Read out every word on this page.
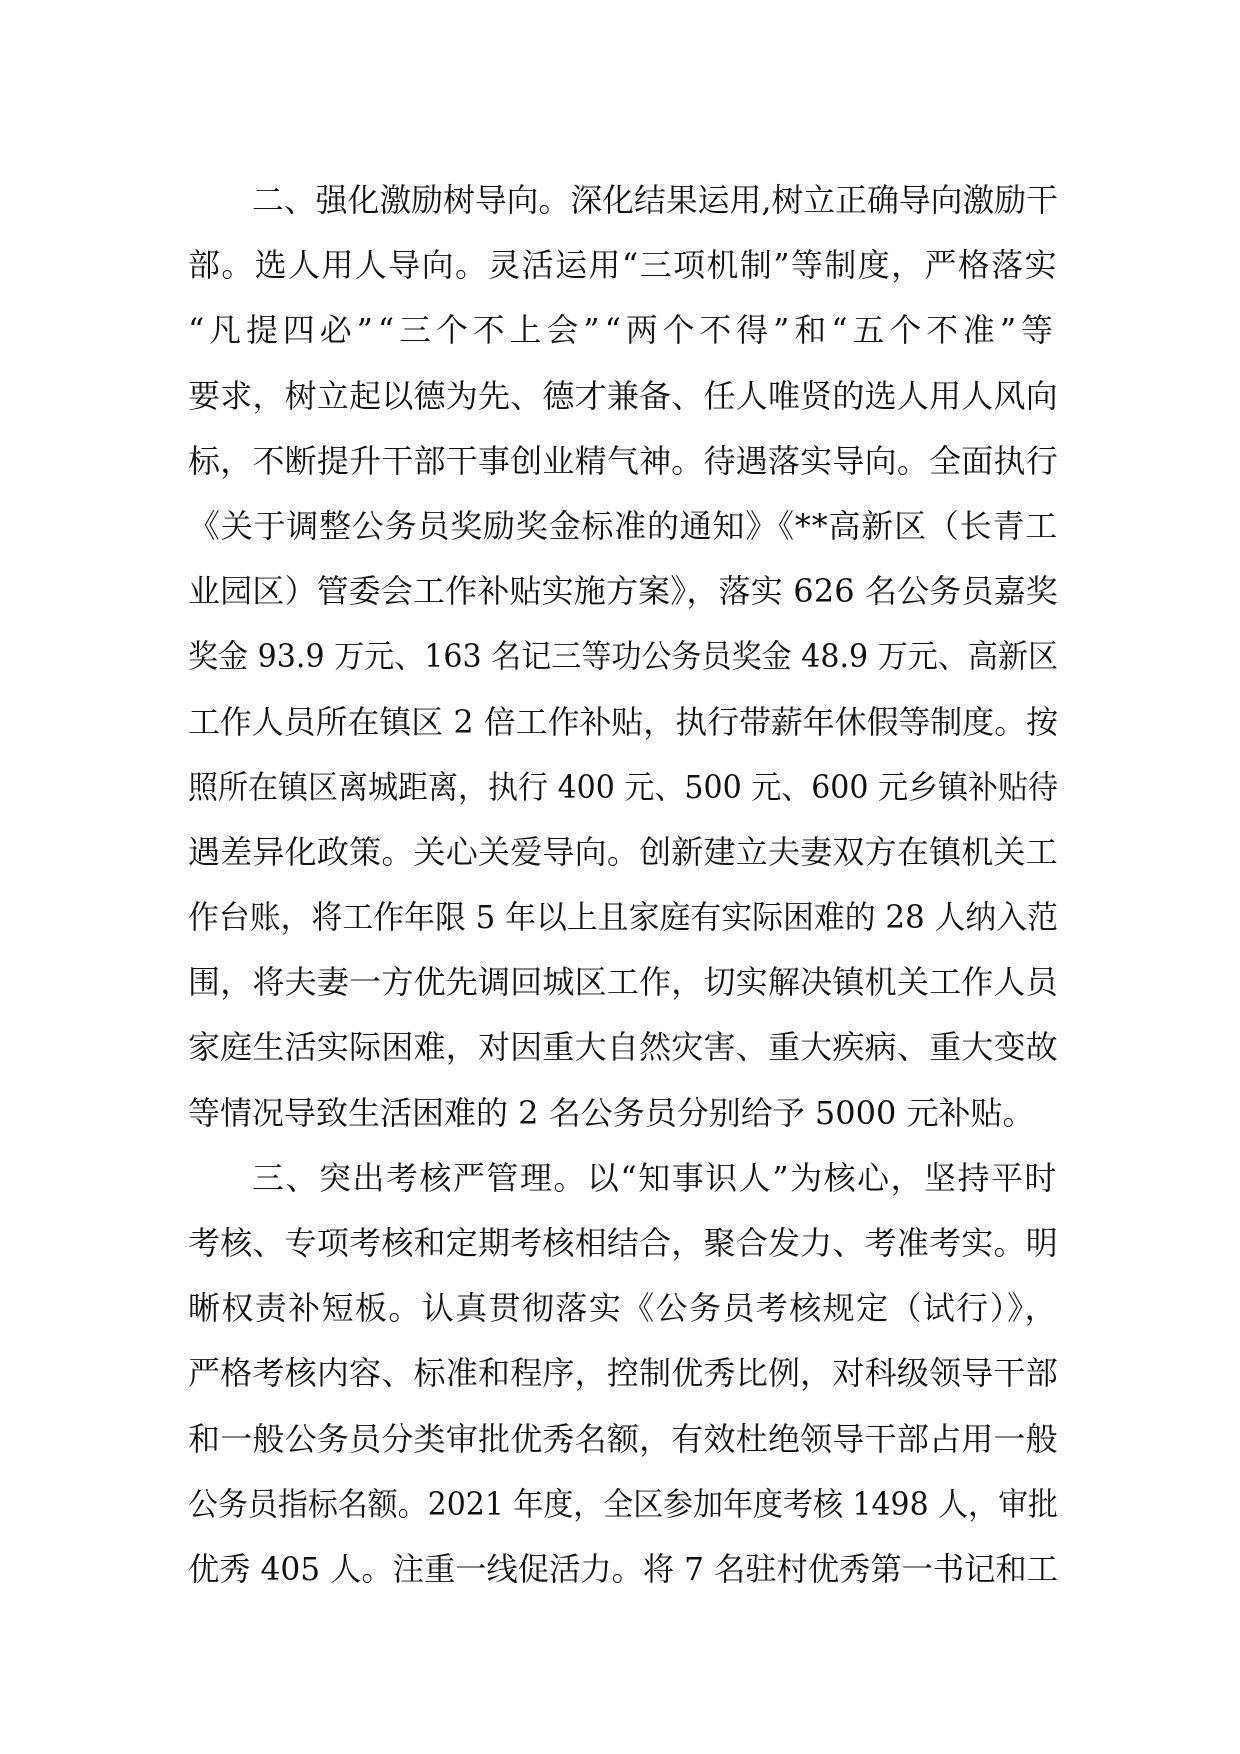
二、强化激励树导向。深化结果运用,树立正确导向激励干
部。选人用人导向。灵活运用“三项机制”等制度，严格落实
“凡提四必”“三个不上会”“两个不得”和“五个不准”等
要求，树立起以德为先、德才兼备、任人唯贤的选人用人风向
标，不断提升干部干事创业精气神。待遇落实导向。全面执行
《关于调整公务员奖励奖金标准的通知》《**高新区（长青工
业园区）管委会工作补贴实施方案》，落实 626 名公务员嘉奖
奖金 93.9 万元、163 名记三等功公务员奖金 48.9 万元、高新区
工作人员所在镇区 2 倍工作补贴，执行带薪年休假等制度。按
照所在镇区离城距离，执行 400 元、500 元、600 元乡镇补贴待
遇差异化政策。关心关爱导向。创新建立夫妻双方在镇机关工
作台账，将工作年限 5 年以上且家庭有实际困难的 28 人纳入范
围，将夫妻一方优先调回城区工作，切实解决镇机关工作人员
家庭生活实际困难，对因重大自然灾害、重大疾病、重大变故
等情况导致生活困难的 2 名公务员分别给予 5000 元补贴。
三、突出考核严管理。以“知事识人”为核心，坚持平时
考核、专项考核和定期考核相结合，聚合发力、考准考实。明
晰权责补短板。认真贯彻落实《公务员考核规定（试行）》，
严格考核内容、标准和程序，控制优秀比例，对科级领导干部
和一般公务员分类审批优秀名额，有效杜绝领导干部占用一般
公务员指标名额。2021 年度，全区参加年度考核 1498 人，审批
优秀 405 人。注重一线促活力。将 7 名驻村优秀第一书记和工
